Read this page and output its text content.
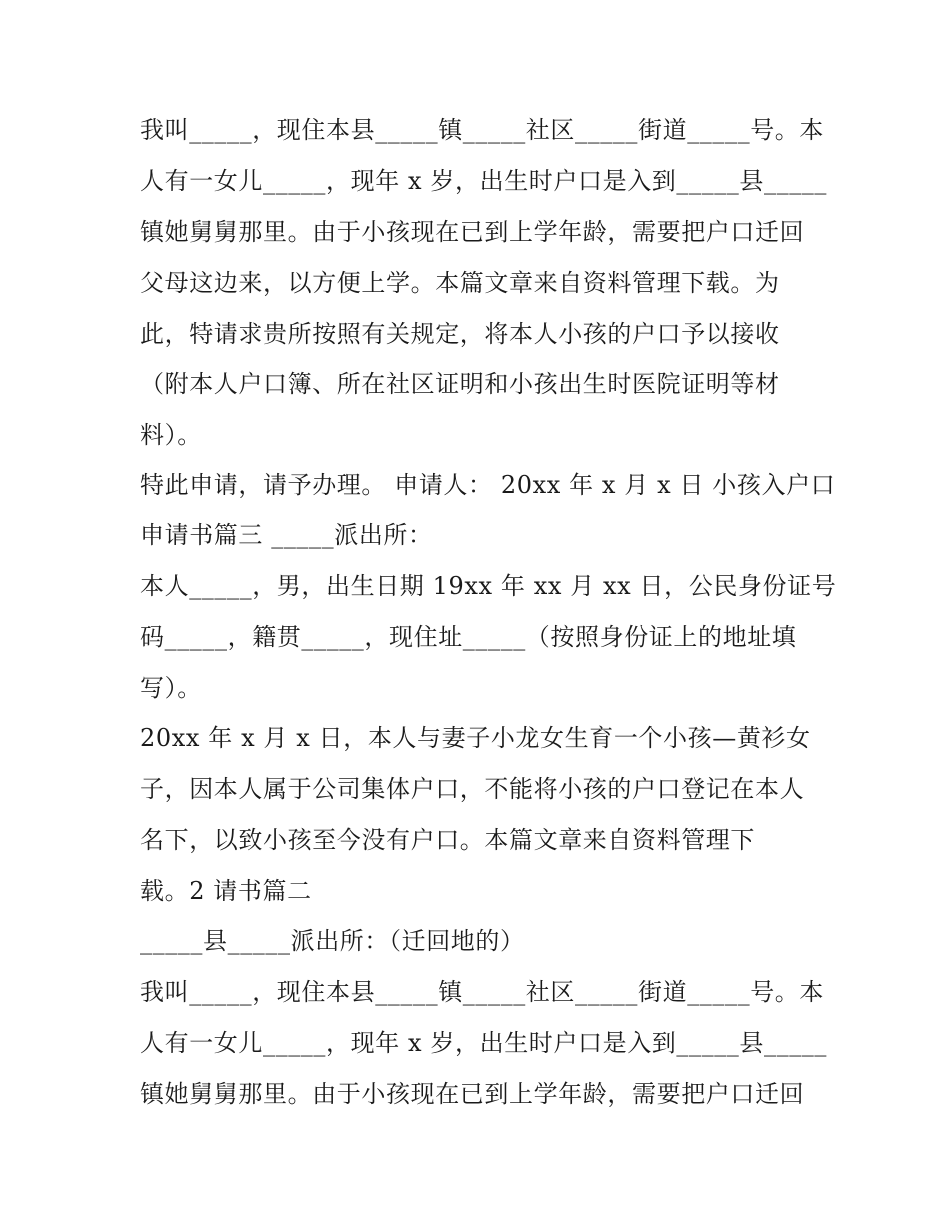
我叫_____，现住本县_____镇_____社区_____街道_____号。本
人有一女儿_____，现年 x 岁，出生时户口是入到_____县_____
镇她舅舅那里。由于小孩现在已到上学年龄，需要把户口迁回
父母这边来，以方便上学。本篇文章来自资料管理下载。为
此，特请求贵所按照有关规定，将本人小孩的户口予以接收
（附本人户口簿、所在社区证明和小孩出生时医院证明等材
料）。
特此申请，请予办理。 申请人： 20xx 年 x 月 x 日 小孩入户口
申请书篇三 _____派出所：
本人_____，男，出生日期 19xx 年 xx 月 xx 日，公民身份证号
码_____，籍贯_____，现住址_____（按照身份证上的地址填
写）。
20xx 年 x 月 x 日，本人与妻子小龙女生育一个小孩—黄衫女
子，因本人属于公司集体户口，不能将小孩的户口登记在本人
名下，以致小孩至今没有户口。本篇文章来自资料管理下
载。2 请书篇二
_____县_____派出所：（迁回地的）
我叫_____，现住本县_____镇_____社区_____街道_____号。本
人有一女儿_____，现年 x 岁，出生时户口是入到_____县_____
镇她舅舅那里。由于小孩现在已到上学年龄，需要把户口迁回
